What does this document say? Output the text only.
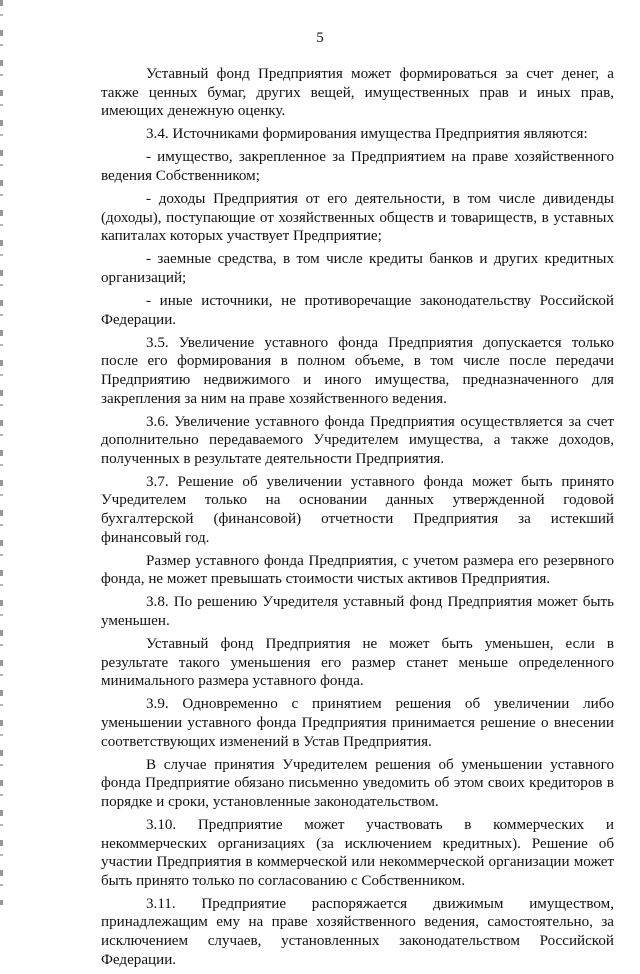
5

Уставный фонд Предприятия может формироваться за счет денег, а также ценных бумаг, других вещей, имущественных прав и иных прав, имеющих денежную оценку.

3.4. Источниками формирования имущества Предприятия являются:

- имущество, закрепленное за Предприятием на праве хозяйственного ведения Собственником;

- доходы Предприятия от его деятельности, в том числе дивиденды (доходы), поступающие от хозяйственных обществ и товариществ, в уставных капиталах которых участвует Предприятие;

- заемные средства, в том числе кредиты банков и других кредитных организаций;

- иные источники, не противоречащие законодательству Российской Федерации.

3.5. Увеличение уставного фонда Предприятия допускается только после его формирования в полном объеме, в том числе после передачи Предприятию недвижимого и иного имущества, предназначенного для закрепления за ним на праве хозяйственного ведения.

3.6. Увеличение уставного фонда Предприятия осуществляется за счет дополнительно передаваемого Учредителем имущества, а также доходов, полученных в результате деятельности Предприятия.

3.7. Решение об увеличении уставного фонда может быть принято Учредителем только на основании данных утвержденной годовой бухгалтерской (финансовой) отчетности Предприятия за истекший финансовый год.

Размер уставного фонда Предприятия, с учетом размера его резервного фонда, не может превышать стоимости чистых активов Предприятия.

3.8. По решению Учредителя уставный фонд Предприятия может быть уменьшен.

Уставный фонд Предприятия не может быть уменьшен, если в результате такого уменьшения его размер станет меньше определенного минимального размера уставного фонда.

3.9. Одновременно с принятием решения об увеличении либо уменьшении уставного фонда Предприятия принимается решение о внесении соответствующих изменений в Устав Предприятия.

В случае принятия Учредителем решения об уменьшении уставного фонда Предприятие обязано письменно уведомить об этом своих кредиторов в порядке и сроки, установленные законодательством.

3.10. Предприятие может участвовать в коммерческих и некоммерческих организациях (за исключением кредитных). Решение об участии Предприятия в коммерческой или некоммерческой организации может быть принято только по согласованию с Собственником.

3.11. Предприятие распоряжается движимым имуществом, принадлежащим ему на праве хозяйственного ведения, самостоятельно, за исключением случаев, установленных законодательством Российской Федерации.
